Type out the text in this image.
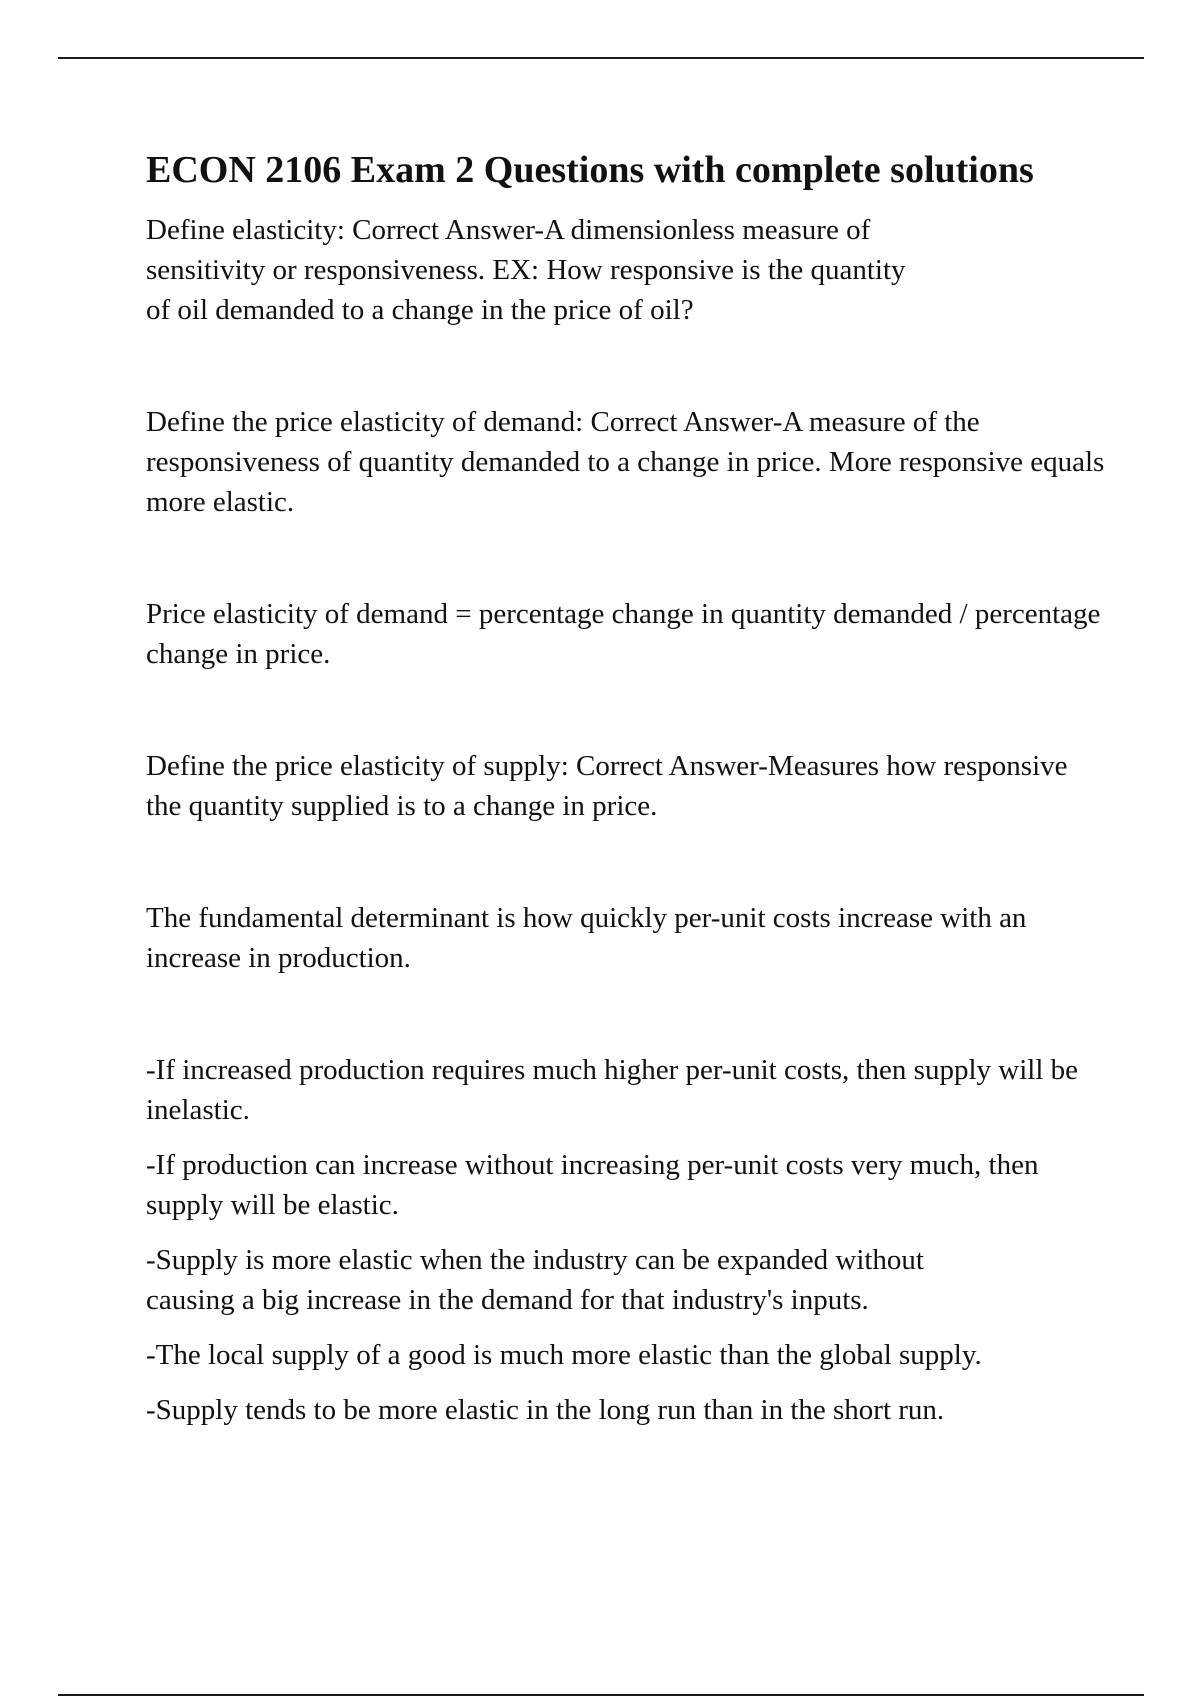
ECON 2106 Exam 2 Questions with complete solutions

Define elasticity: Correct Answer-A dimensionless measure of sensitivity or responsiveness. EX: How responsive is the quantity of oil demanded to a change in the price of oil?

Define the price elasticity of demand: Correct Answer-A measure of the responsiveness of quantity demanded to a change in price. More responsive equals more elastic.

Price elasticity of demand = percentage change in quantity demanded / percentage change in price.

Define the price elasticity of supply: Correct Answer-Measures how responsive the quantity supplied is to a change in price.

The fundamental determinant is how quickly per-unit costs increase with an increase in production.

-If increased production requires much higher per-unit costs, then supply will be inelastic.

-If production can increase without increasing per-unit costs very much, then supply will be elastic.

-Supply is more elastic when the industry can be expanded without causing a big increase in the demand for that industry's inputs.

-The local supply of a good is much more elastic than the global supply.

-Supply tends to be more elastic in the long run than in the short run.
